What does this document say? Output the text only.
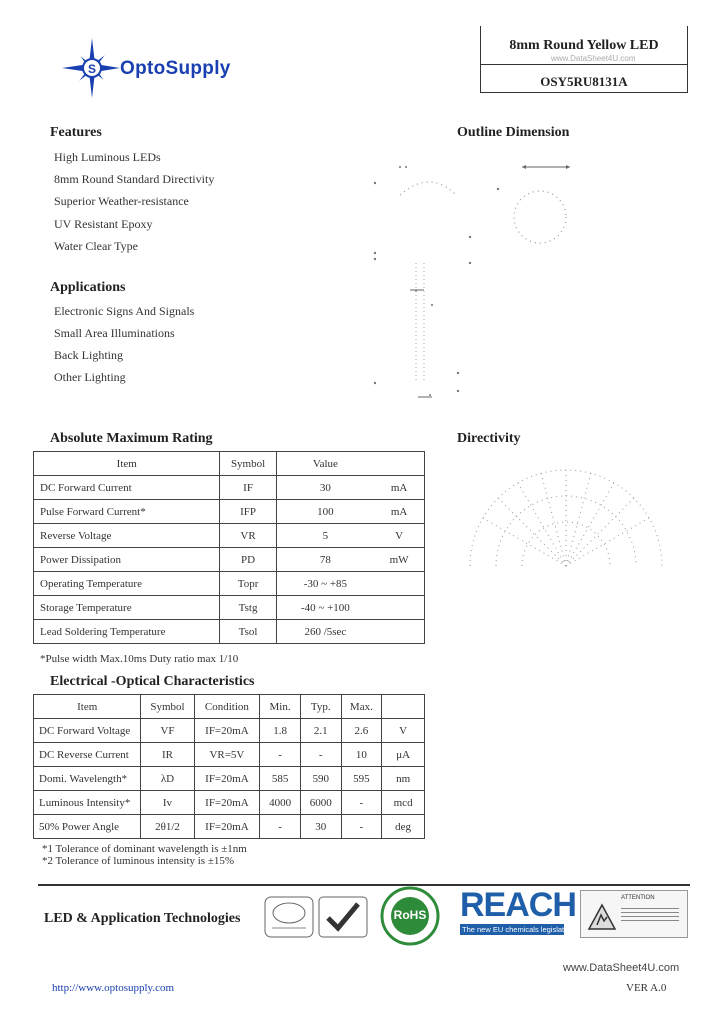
S OptoSupply
8mm Round Yellow LED
www.DataSheet4U.com
OSY5RU8131A
Features
High Luminous LEDs
8mm Round Standard Directivity
Superior Weather-resistance
UV Resistant Epoxy
Water Clear Type
Outline Dimension
Applications
Electronic Signs And Signals
Small Area Illuminations
Back Lighting
Other Lighting
Absolute Maximum Rating
Item	Symbol	Value	
DC Forward Current	IF	30	mA
Pulse Forward Current*	IFP	100	mA
Reverse Voltage	VR	5	V
Power Dissipation	PD	78	mW
Operating Temperature	Topr	-30 ~ +85	
Storage Temperature	Tstg	-40 ~ +100	
Lead Soldering Temperature	Tsol	260 /5sec	
*Pulse width Max.10ms Duty ratio max 1/10
Directivity
Electrical -Optical Characteristics
Item	Symbol	Condition	Min.	Typ.	Max.	
DC Forward Voltage	VF	IF=20mA	1.8	2.1	2.6	V
DC Reverse Current	IR	VR=5V	-	-	10	μA
Domi. Wavelength*	λD	IF=20mA	585	590	595	nm
Luminous Intensity*	Iv	IF=20mA	4000	6000	-	mcd
50% Power Angle	2θ1/2	IF=20mA	-	30	-	deg
*1 Tolerance of dominant wavelength is ±1nm
*2 Tolerance of luminous intensity is ±15%
LED & Application Technologies	RoHS REACH
The new EU chemicals legislation
ATTENTION
www.DataSheet4U.com
http://www.optosupply.com	VER A.0
